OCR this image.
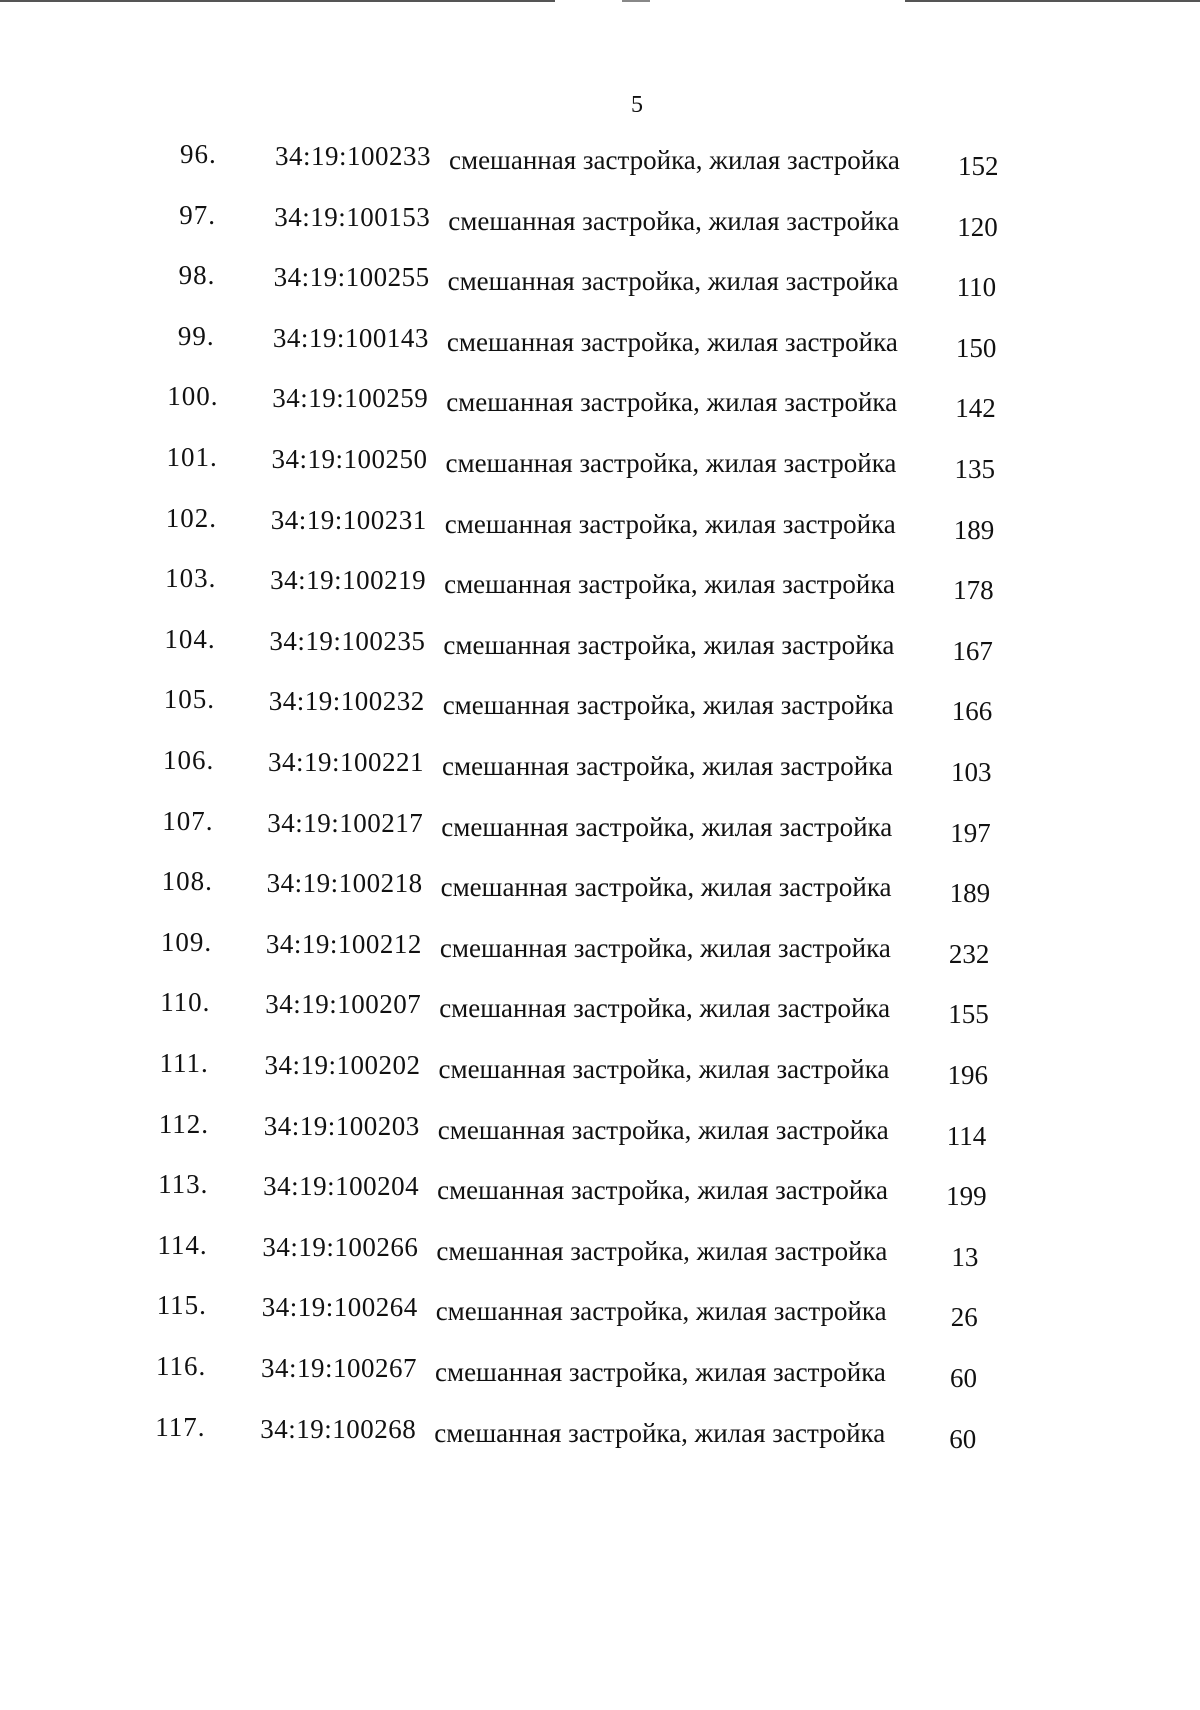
5
96. 34:19:100233 смешанная застройка, жилая застройка 152
97. 34:19:100153 смешанная застройка, жилая застройка 120
98. 34:19:100255 смешанная застройка, жилая застройка 110
99. 34:19:100143 смешанная застройка, жилая застройка 150
100. 34:19:100259 смешанная застройка, жилая застройка 142
101. 34:19:100250 смешанная застройка, жилая застройка 135
102. 34:19:100231 смешанная застройка, жилая застройка 189
103. 34:19:100219 смешанная застройка, жилая застройка 178
104. 34:19:100235 смешанная застройка, жилая застройка 167
105. 34:19:100232 смешанная застройка, жилая застройка 166
106. 34:19:100221 смешанная застройка, жилая застройка 103
107. 34:19:100217 смешанная застройка, жилая застройка 197
108. 34:19:100218 смешанная застройка, жилая застройка 189
109. 34:19:100212 смешанная застройка, жилая застройка 232
110. 34:19:100207 смешанная застройка, жилая застройка 155
111. 34:19:100202 смешанная застройка, жилая застройка 196
112. 34:19:100203 смешанная застройка, жилая застройка 114
113. 34:19:100204 смешанная застройка, жилая застройка 199
114. 34:19:100266 смешанная застройка, жилая застройка 13
115. 34:19:100264 смешанная застройка, жилая застройка 26
116. 34:19:100267 смешанная застройка, жилая застройка 60
117. 34:19:100268 смешанная застройка, жилая застройка 60
